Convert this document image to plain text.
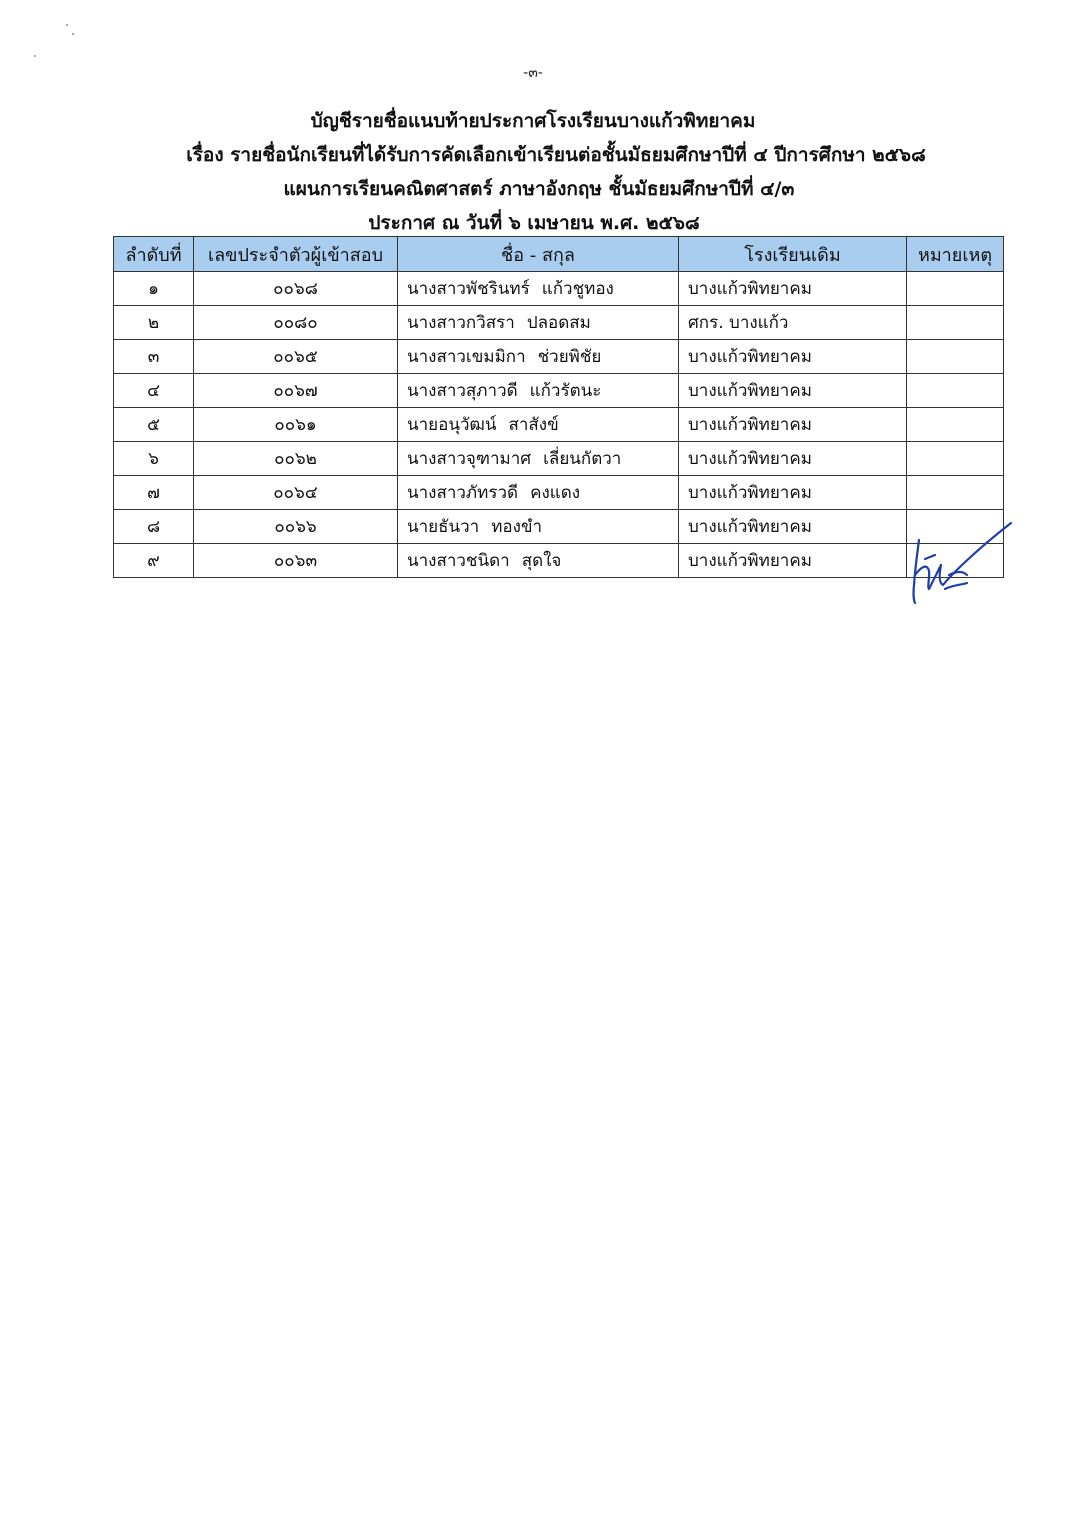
-๓-
บัญชีรายชื่อแนบท้ายประกาศโรงเรียนบางแก้วพิทยาคม
เรื่อง รายชื่อนักเรียนที่ได้รับการคัดเลือกเข้าเรียนต่อชั้นมัธยมศึกษาปีที่ ๔ ปีการศึกษา ๒๕๖๘
แผนการเรียนคณิตศาสตร์ ภาษาอังกฤษ ชั้นมัธยมศึกษาปีที่ ๔/๓
ประกาศ ณ วันที่ ๖ เมษายน พ.ศ. ๒๕๖๘
ลำดับที่	เลขประจำตัวผู้เข้าสอบ	ชื่อ - สกุล	โรงเรียนเดิม	หมายเหตุ
๑	๐๐๖๘	นางสาวพัชรินทร์ แก้วชูทอง	บางแก้วพิทยาคม	
๒	๐๐๘๐	นางสาวกวิสรา ปลอดสม	ศกร. บางแก้ว	
๓	๐๐๖๕	นางสาวเขมมิกา ช่วยพิชัย	บางแก้วพิทยาคม	
๔	๐๐๖๗	นางสาวสุภาวดี แก้วรัตนะ	บางแก้วพิทยาคม	
๕	๐๐๖๑	นายอนุวัฒน์ สาสังข์	บางแก้วพิทยาคม	
๖	๐๐๖๒	นางสาวจุฑามาศ เลี่ยนกัตวา	บางแก้วพิทยาคม	
๗	๐๐๖๔	นางสาวภัทรวดี คงแดง	บางแก้วพิทยาคม	
๘	๐๐๖๖	นายธันวา ทองขำ	บางแก้วพิทยาคม	
๙	๐๐๖๓	นางสาวชนิดา สุดใจ	บางแก้วพิทยาคม	
